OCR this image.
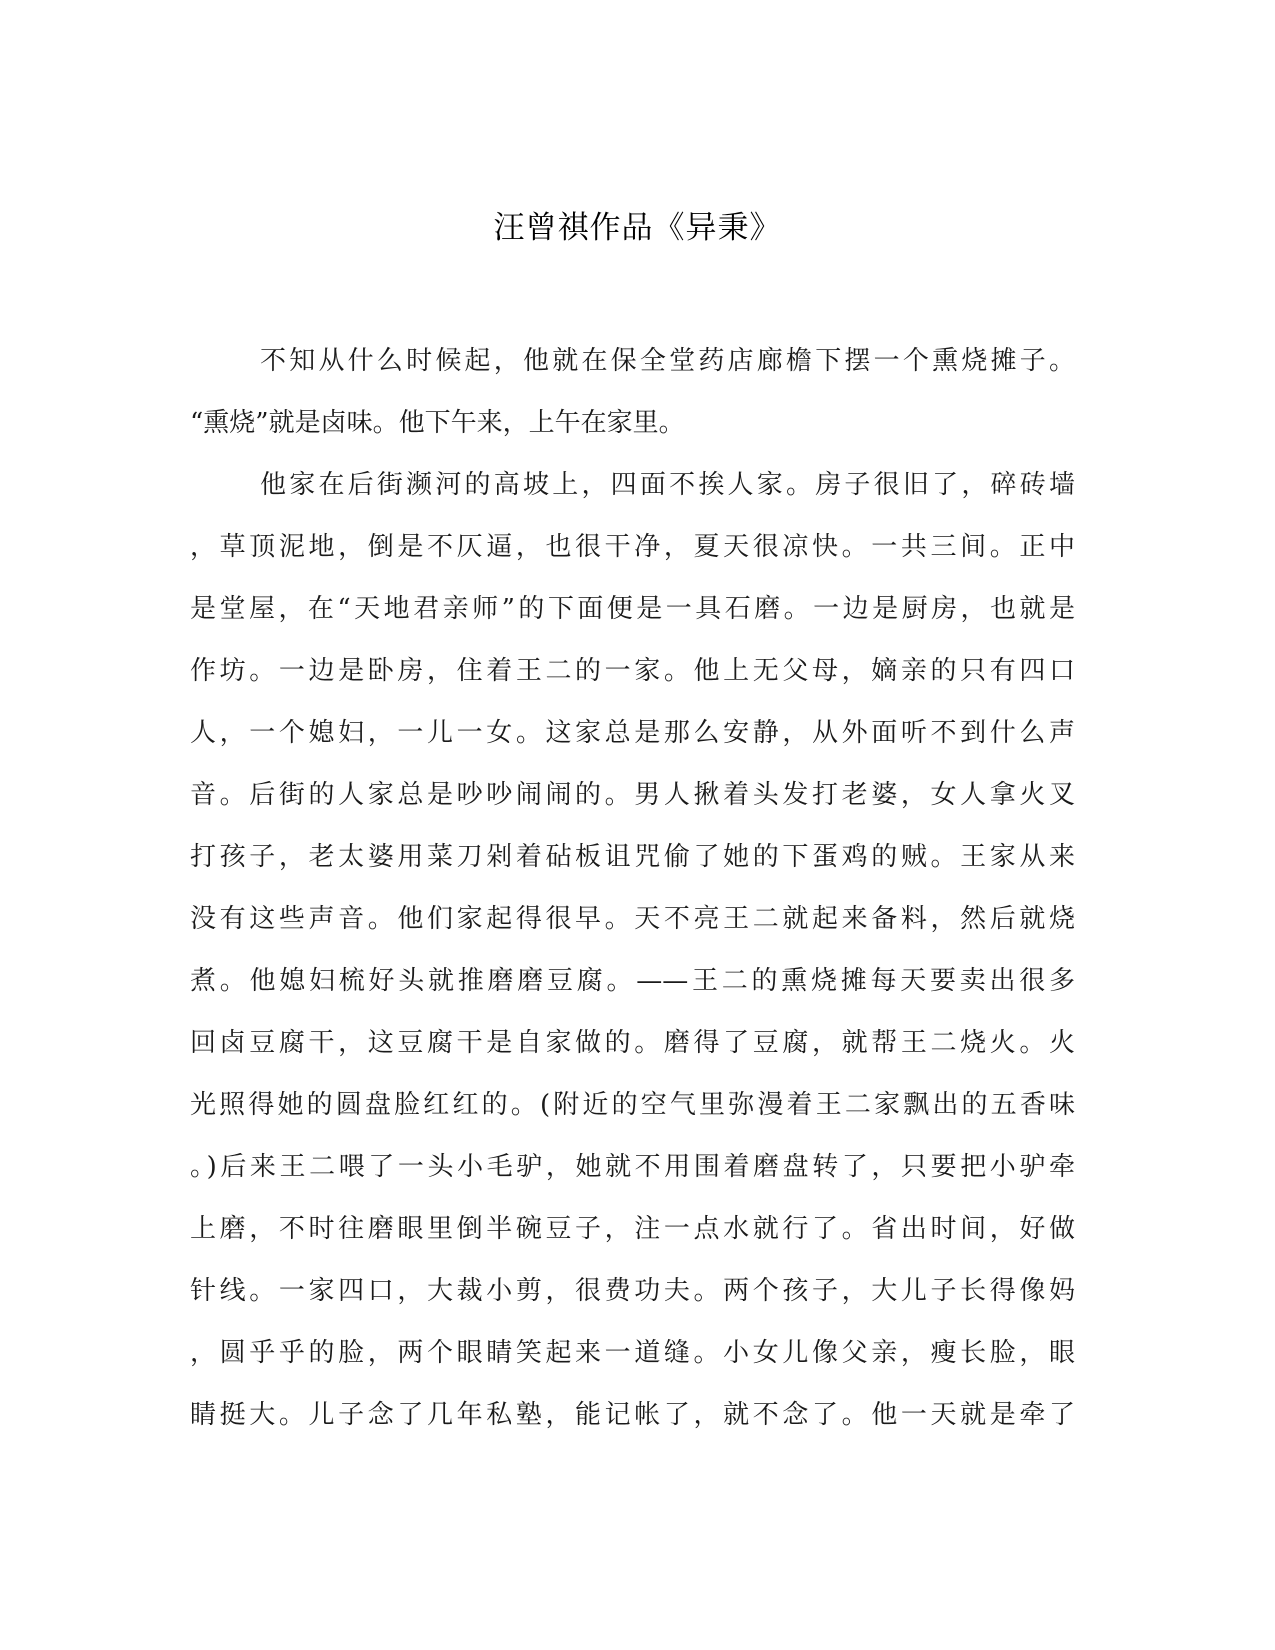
汪曾祺作品《异秉》
不知从什么时候起，他就在保全堂药店廊檐下摆一个熏烧摊子。
“熏烧”就是卤味。他下午来，上午在家里。
他家在后街濒河的高坡上，四面不挨人家。房子很旧了，碎砖墙
，草顶泥地，倒是不仄逼，也很干净，夏天很凉快。一共三间。正中
是堂屋，在“天地君亲师”的下面便是一具石磨。一边是厨房，也就是
作坊。一边是卧房，住着王二的一家。他上无父母，嫡亲的只有四口
人，一个媳妇，一儿一女。这家总是那么安静，从外面听不到什么声
音。后街的人家总是吵吵闹闹的。男人揪着头发打老婆，女人拿火叉
打孩子，老太婆用菜刀剁着砧板诅咒偷了她的下蛋鸡的贼。王家从来
没有这些声音。他们家起得很早。天不亮王二就起来备料，然后就烧
煮。他媳妇梳好头就推磨磨豆腐。——王二的熏烧摊每天要卖出很多
回卤豆腐干，这豆腐干是自家做的。磨得了豆腐，就帮王二烧火。火
光照得她的圆盘脸红红的。(附近的空气里弥漫着王二家飘出的五香味
。)后来王二喂了一头小毛驴，她就不用围着磨盘转了，只要把小驴牵
上磨，不时往磨眼里倒半碗豆子，注一点水就行了。省出时间，好做
针线。一家四口，大裁小剪，很费功夫。两个孩子，大儿子长得像妈
，圆乎乎的脸，两个眼睛笑起来一道缝。小女儿像父亲，瘦长脸，眼
睛挺大。儿子念了几年私塾，能记帐了，就不念了。他一天就是牵了
